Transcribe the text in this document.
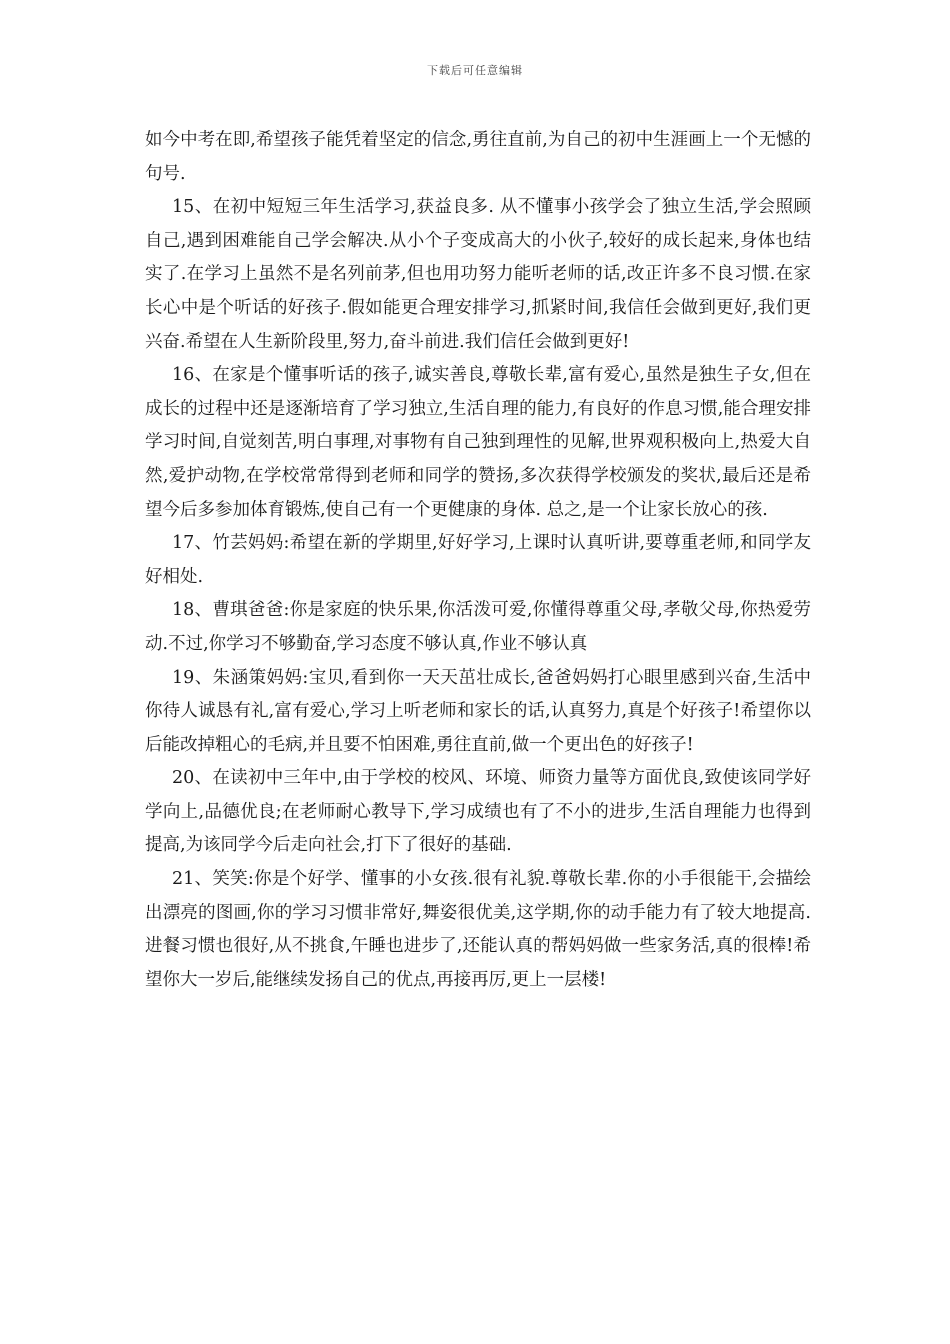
下载后可任意编辑

如今中考在即,希望孩子能凭着坚定的信念,勇往直前,为自己的初中生涯画上一个无憾的句号.

15、在初中短短三年生活学习,获益良多. 从不懂事小孩学会了独立生活,学会照顾自己,遇到困难能自己学会解决.从小个子变成高大的小伙子,较好的成长起来,身体也结实了.在学习上虽然不是名列前茅,但也用功努力能听老师的话,改正许多不良习惯.在家长心中是个听话的好孩子.假如能更合理安排学习,抓紧时间,我信任会做到更好,我们更兴奋.希望在人生新阶段里,努力,奋斗前进.我们信任会做到更好!

16、在家是个懂事听话的孩子,诚实善良,尊敬长辈,富有爱心,虽然是独生子女,但在成长的过程中还是逐渐培育了学习独立,生活自理的能力,有良好的作息习惯,能合理安排学习时间,自觉刻苦,明白事理,对事物有自己独到理性的见解,世界观积极向上,热爱大自然,爱护动物,在学校常常得到老师和同学的赞扬,多次获得学校颁发的奖状,最后还是希望今后多参加体育锻炼,使自己有一个更健康的身体. 总之,是一个让家长放心的孩.

17、竹芸妈妈:希望在新的学期里,好好学习,上课时认真听讲,要尊重老师,和同学友好相处.

18、曹琪爸爸:你是家庭的快乐果,你活泼可爱,你懂得尊重父母,孝敬父母,你热爱劳动.不过,你学习不够勤奋,学习态度不够认真,作业不够认真

19、朱涵策妈妈:宝贝,看到你一天天茁壮成长,爸爸妈妈打心眼里感到兴奋,生活中你待人诚恳有礼,富有爱心,学习上听老师和家长的话,认真努力,真是个好孩子!希望你以后能改掉粗心的毛病,并且要不怕困难,勇往直前,做一个更出色的好孩子!

20、在读初中三年中,由于学校的校风、环境、师资力量等方面优良,致使该同学好学向上,品德优良;在老师耐心教导下,学习成绩也有了不小的进步,生活自理能力也得到提高,为该同学今后走向社会,打下了很好的基础.

21、笑笑:你是个好学、懂事的小女孩.很有礼貌.尊敬长辈.你的小手很能干,会描绘出漂亮的图画,你的学习习惯非常好,舞姿很优美,这学期,你的动手能力有了较大地提高.进餐习惯也很好,从不挑食,午睡也进步了,还能认真的帮妈妈做一些家务活,真的很棒!希望你大一岁后,能继续发扬自己的优点,再接再厉,更上一层楼!
